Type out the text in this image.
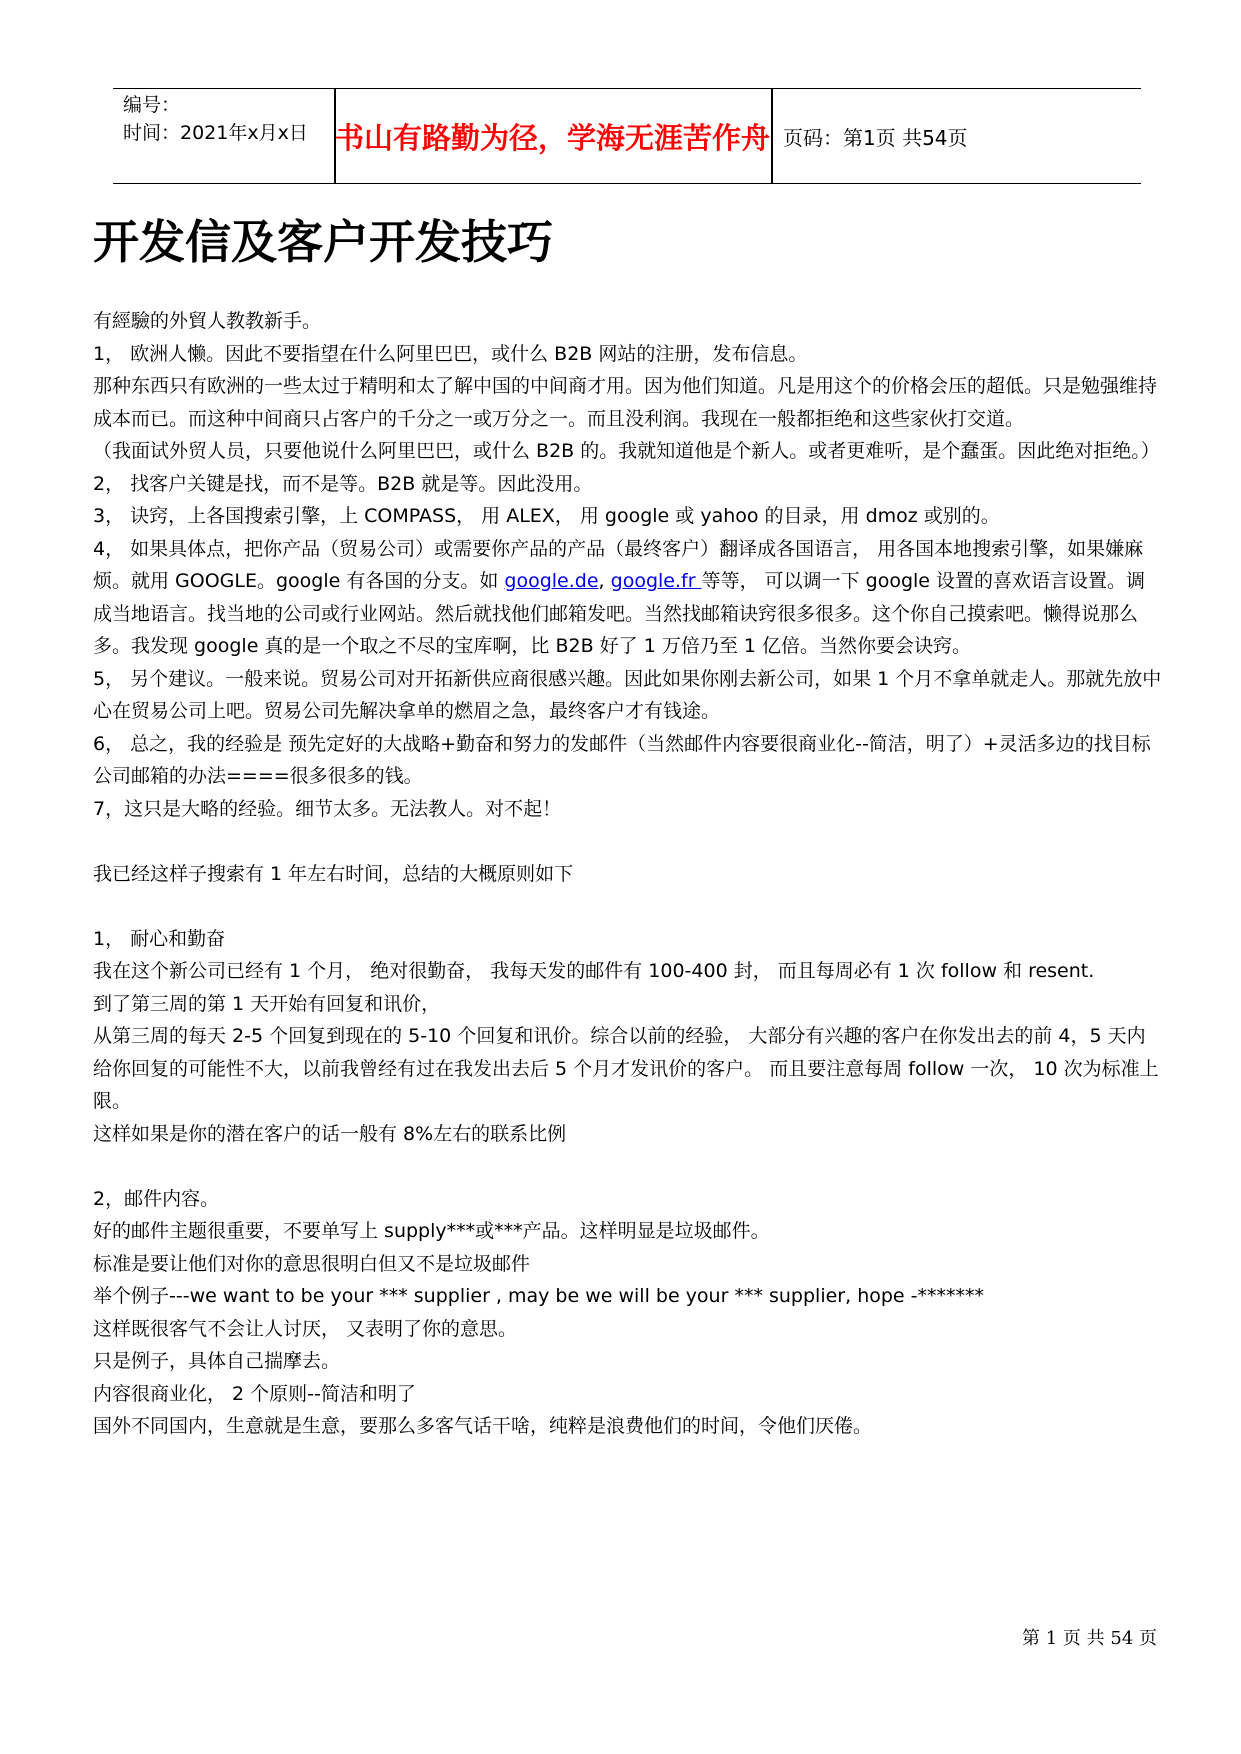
编号：
时间：2021年x月x日 书山有路勤为径，学海无涯苦作舟 页码：第1页 共54页
开发信及客户开发技巧

有經驗的外貿人教教新手。

1， 欧洲人懒。因此不要指望在什么阿里巴巴，或什么 B2B 网站的注册，发布信息。

那种东西只有欧洲的一些太过于精明和太了解中国的中间商才用。因为他们知道。凡是用这个的价格会压的超低。只是勉强维持成本而已。而这种中间商只占客户的千分之一或万分之一。而且没利润。我现在一般都拒绝和这些家伙打交道。

（我面试外贸人员，只要他说什么阿里巴巴，或什么 B2B 的。我就知道他是个新人。或者更难听，是个蠢蛋。因此绝对拒绝。）

2， 找客户关键是找，而不是等。B2B 就是等。因此没用。

3， 诀窍，上各国搜索引擎，上 COMPASS， 用 ALEX， 用 google 或 yahoo 的目录，用 dmoz 或别的。

4， 如果具体点，把你产品（贸易公司）或需要你产品的产品（最终客户）翻译成各国语言， 用各国本地搜索引擎，如果嫌麻烦。就用 GOOGLE。google 有各国的分支。如 google.de, google.fr 等等， 可以调一下 google 设置的喜欢语言设置。调成当地语言。找当地的公司或行业网站。然后就找他们邮箱发吧。当然找邮箱诀窍很多很多。这个你自己摸索吧。懒得说那么多。我发现 google 真的是一个取之不尽的宝库啊，比 B2B 好了 1 万倍乃至 1 亿倍。当然你要会诀窍。

5， 另个建议。一般来说。贸易公司对开拓新供应商很感兴趣。因此如果你刚去新公司，如果 1 个月不拿单就走人。那就先放中心在贸易公司上吧。贸易公司先解决拿单的燃眉之急，最终客户才有钱途。

6， 总之，我的经验是 预先定好的大战略+勤奋和努力的发邮件（当然邮件内容要很商业化--简洁，明了）+灵活多边的找目标公司邮箱的办法====很多很多的钱。

7，这只是大略的经验。细节太多。无法教人。对不起！

我已经这样子搜索有 1 年左右时间，总结的大概原则如下

1， 耐心和勤奋

我在这个新公司已经有 1 个月， 绝对很勤奋， 我每天发的邮件有 100-400 封， 而且每周必有 1 次 follow 和 resent.

到了第三周的第 1 天开始有回复和讯价，

从第三周的每天 2-5 个回复到现在的 5-10 个回复和讯价。综合以前的经验， 大部分有兴趣的客户在你发出去的前 4，5 天内给你回复的可能性不大，以前我曾经有过在我发出去后 5 个月才发讯价的客户。 而且要注意每周 follow 一次， 10 次为标准上限。

这样如果是你的潜在客户的话一般有 8%左右的联系比例

2，邮件内容。

好的邮件主题很重要，不要单写上 supply***或***产品。这样明显是垃圾邮件。

标准是要让他们对你的意思很明白但又不是垃圾邮件

举个例子---we want to be your *** supplier , may be we will be your *** supplier, hope -*******

这样既很客气不会让人讨厌， 又表明了你的意思。

只是例子，具体自己揣摩去。

内容很商业化， 2 个原则--简洁和明了

国外不同国内，生意就是生意，要那么多客气话干啥，纯粹是浪费他们的时间，令他们厌倦。

第 1 页 共 54 页
